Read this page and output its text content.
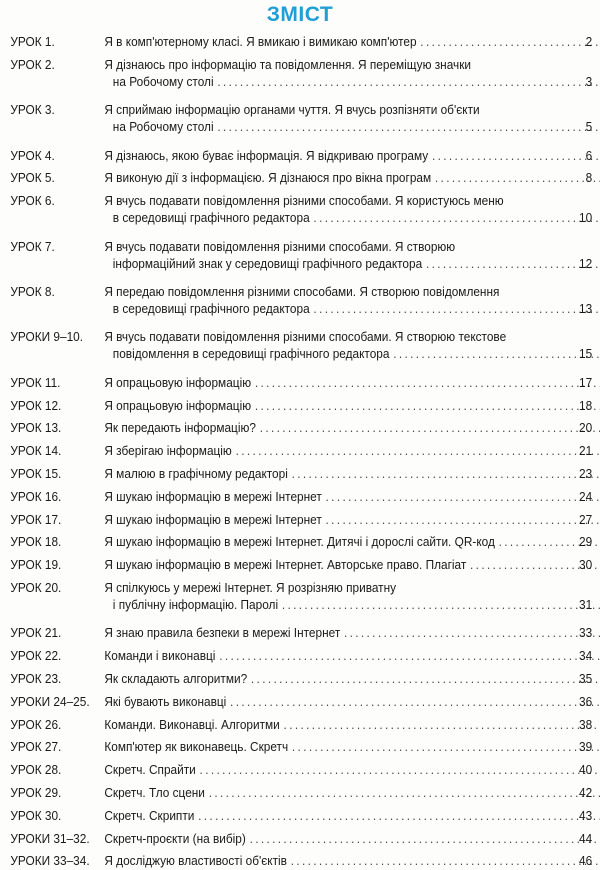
ЗМІСТ
УРОК 1.	Я в комп'ютерному класі. Я вмикаю і вимикаю комп'ютер . . .	2
УРОК 2.	Я дізнаюсь про інформацію та повідомлення. Я переміщую значки
на Робочому столі . . .	3
УРОК 3.	Я сприймаю інформацію органами чуття. Я вчусь розпізняти об'єкти
на Робочому столі . . .	5
УРОК 4.	Я дізнаюсь, якою буває інформація. Я відкриваю програму . . .	6
УРОК 5.	Я виконую дії з інформацією. Я дізнаюся про вікна програм . . .	8
УРОК 6.	Я вчусь подавати повідомлення різними способами. Я користуюсь меню
в середовищі графічного редактора . . .	10
УРОК 7.	Я вчусь подавати повідомлення різними способами. Я створюю
інформаційний знак у середовищі графічного редактора . . .	12
УРОК 8.	Я передаю повідомлення різними способами. Я створюю повідомлення
в середовищі графічного редактора . . .	13
УРОКИ 9–10.	Я вчусь подавати повідомлення різними способами. Я створюю текстове
повідомлення в середовищі графічного редактора . . .	15
УРОК 11.	Я опрацьовую інформацію . . .	17
УРОК 12.	Я опрацьовую інформацію . . .	18
УРОК 13.	Як передають інформацію? . . .	20
УРОК 14.	Я зберігаю інформацію . . .	21
УРОК 15.	Я малюю в графічному редакторі . . .	23
УРОК 16.	Я шукаю інформацію в мережі Інтернет . . .	24
УРОК 17.	Я шукаю інформацію в мережі Інтернет . . .	27
УРОК 18.	Я шукаю інформацію в мережі Інтернет. Дитячі і дорослі сайти. QR-код . . .	29
УРОК 19.	Я шукаю інформацію в мережі Інтернет. Авторське право. Плагіат . . .	30
УРОК 20.	Я спілкуюсь у мережі Інтернет. Я розрізняю приватну
і публічну інформацію. Паролі . . .	31
УРОК 21.	Я знаю правила безпеки в мережі Інтернет . . .	33
УРОК 22.	Команди і виконавці . . .	34
УРОК 23.	Як складають алгоритми? . . .	35
УРОКИ 24–25.	Які бувають виконавці . . .	36
УРОК 26.	Команди. Виконавці. Алгоритми . . .	38
УРОК 27.	Комп'ютер як виконавець. Скретч . . .	39
УРОК 28.	Скретч. Спрайти . . .	40
УРОК 29.	Скретч. Тло сцени . . .	42
УРОК 30.	Скретч. Скрипти . . .	43
УРОКИ 31–32.	Скретч-проєкти (на вибір) . . .	44
УРОКИ 33–34.	Я досліджую властивості об'єктів . . .	46
